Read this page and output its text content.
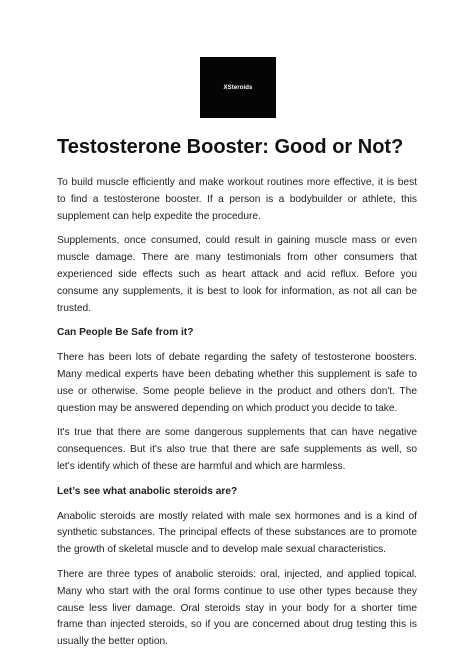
XSteroids
Testosterone Booster: Good or Not?

To build muscle efficiently and make workout routines more effective, it is best to find a testosterone booster. If a person is a bodybuilder or athlete, this supplement can help expedite the procedure.

Supplements, once consumed, could result in gaining muscle mass or even muscle damage. There are many testimonials from other consumers that experienced side effects such as heart attack and acid reflux. Before you consume any supplements, it is best to look for information, as not all can be trusted.

Can People Be Safe from it?

There has been lots of debate regarding the safety of testosterone boosters. Many medical experts have been debating whether this supplement is safe to use or otherwise. Some people believe in the product and others don't. The question may be answered depending on which product you decide to take.

It's true that there are some dangerous supplements that can have negative consequences. But it's also true that there are safe supplements as well, so let's identify which of these are harmful and which are harmless.

Let’s see what anabolic steroids are?

Anabolic steroids are mostly related with male sex hormones and is a kind of synthetic substances. The principal effects of these substances are to promote the growth of skeletal muscle and to develop male sexual characteristics.

There are three types of anabolic steroids: oral, injected, and applied topical. Many who start with the oral forms continue to use other types because they cause less liver damage. Oral steroids stay in your body for a shorter time frame than injected steroids, so if you are concerned about drug testing this is usually the better option.
